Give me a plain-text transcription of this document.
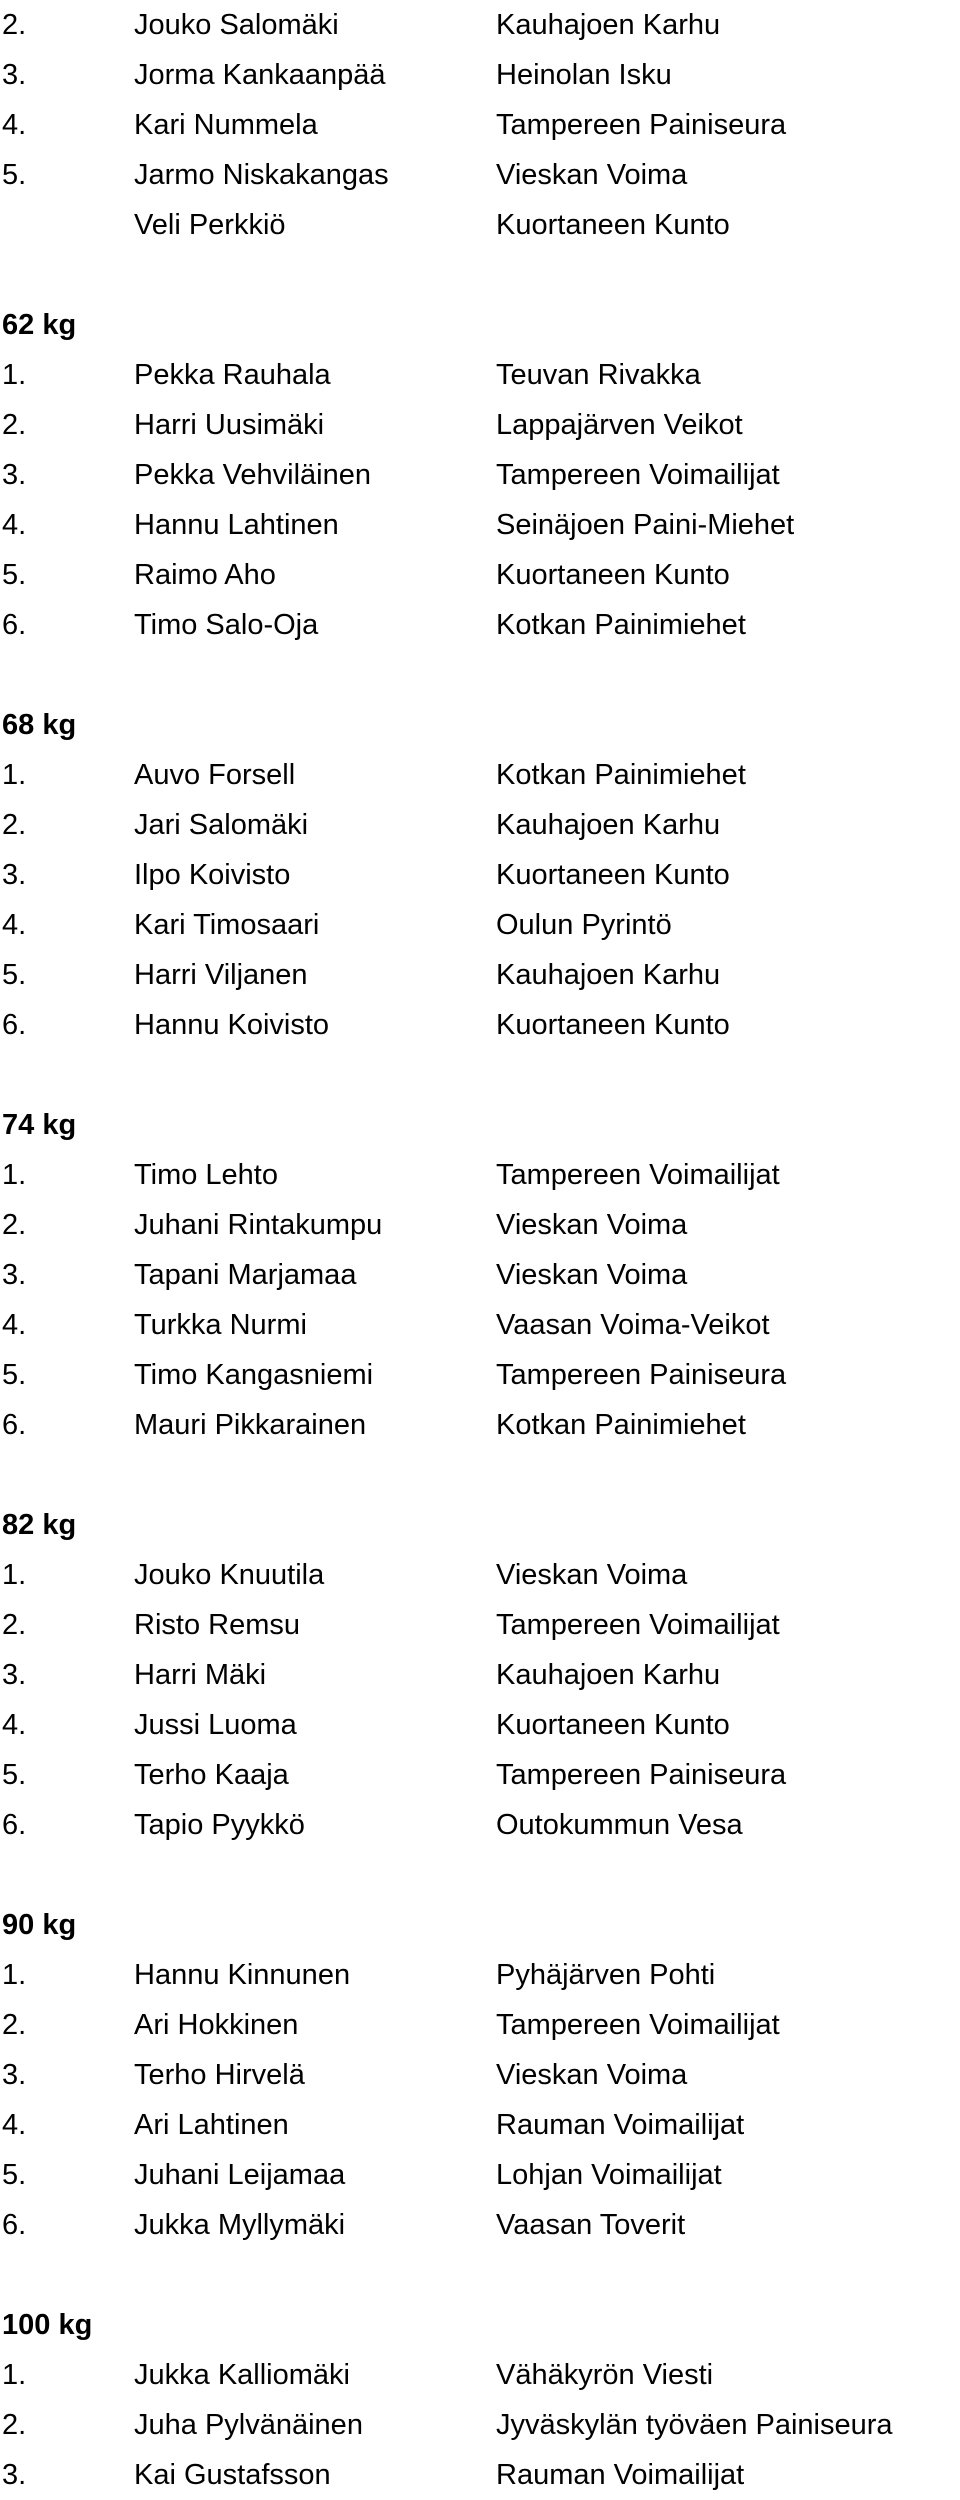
2.	Jouko Salomäki	Kauhajoen Karhu
3.	Jorma Kankaanpää	Heinolan Isku
4.	Kari Nummela	Tampereen Painiseura
5.	Jarmo Niskakangas	Vieskan Voima
Veli Perkkiö	Kuortaneen Kunto
62 kg
1.	Pekka Rauhala	Teuvan Rivakka
2.	Harri Uusimäki	Lappajärven Veikot
3.	Pekka Vehviläinen	Tampereen Voimailijat
4.	Hannu Lahtinen	Seinäjoen Paini-Miehet
5.	Raimo Aho	Kuortaneen Kunto
6.	Timo Salo-Oja	Kotkan Painimiehet
68 kg
1.	Auvo Forsell	Kotkan Painimiehet
2.	Jari Salomäki	Kauhajoen Karhu
3.	Ilpo Koivisto	Kuortaneen Kunto
4.	Kari Timosaari	Oulun Pyrintö
5.	Harri Viljanen	Kauhajoen Karhu
6.	Hannu Koivisto	Kuortaneen Kunto
74 kg
1.	Timo Lehto	Tampereen Voimailijat
2.	Juhani Rintakumpu	Vieskan Voima
3.	Tapani Marjamaa	Vieskan Voima
4.	Turkka Nurmi	Vaasan Voima-Veikot
5.	Timo Kangasniemi	Tampereen Painiseura
6.	Mauri Pikkarainen	Kotkan Painimiehet
82 kg
1.	Jouko Knuutila	Vieskan Voima
2.	Risto Remsu	Tampereen Voimailijat
3.	Harri Mäki	Kauhajoen Karhu
4.	Jussi Luoma	Kuortaneen Kunto
5.	Terho Kaaja	Tampereen Painiseura
6.	Tapio Pyykkö	Outokummun Vesa
90 kg
1.	Hannu Kinnunen	Pyhäjärven Pohti
2.	Ari Hokkinen	Tampereen Voimailijat
3.	Terho Hirvelä	Vieskan Voima
4.	Ari Lahtinen	Rauman Voimailijat
5.	Juhani Leijamaa	Lohjan Voimailijat
6.	Jukka Myllymäki	Vaasan Toverit
100 kg
1.	Jukka Kalliomäki	Vähäkyrön Viesti
2.	Juha Pylvänäinen	Jyväskylän työväen Painiseura
3.	Kai Gustafsson	Rauman Voimailijat
